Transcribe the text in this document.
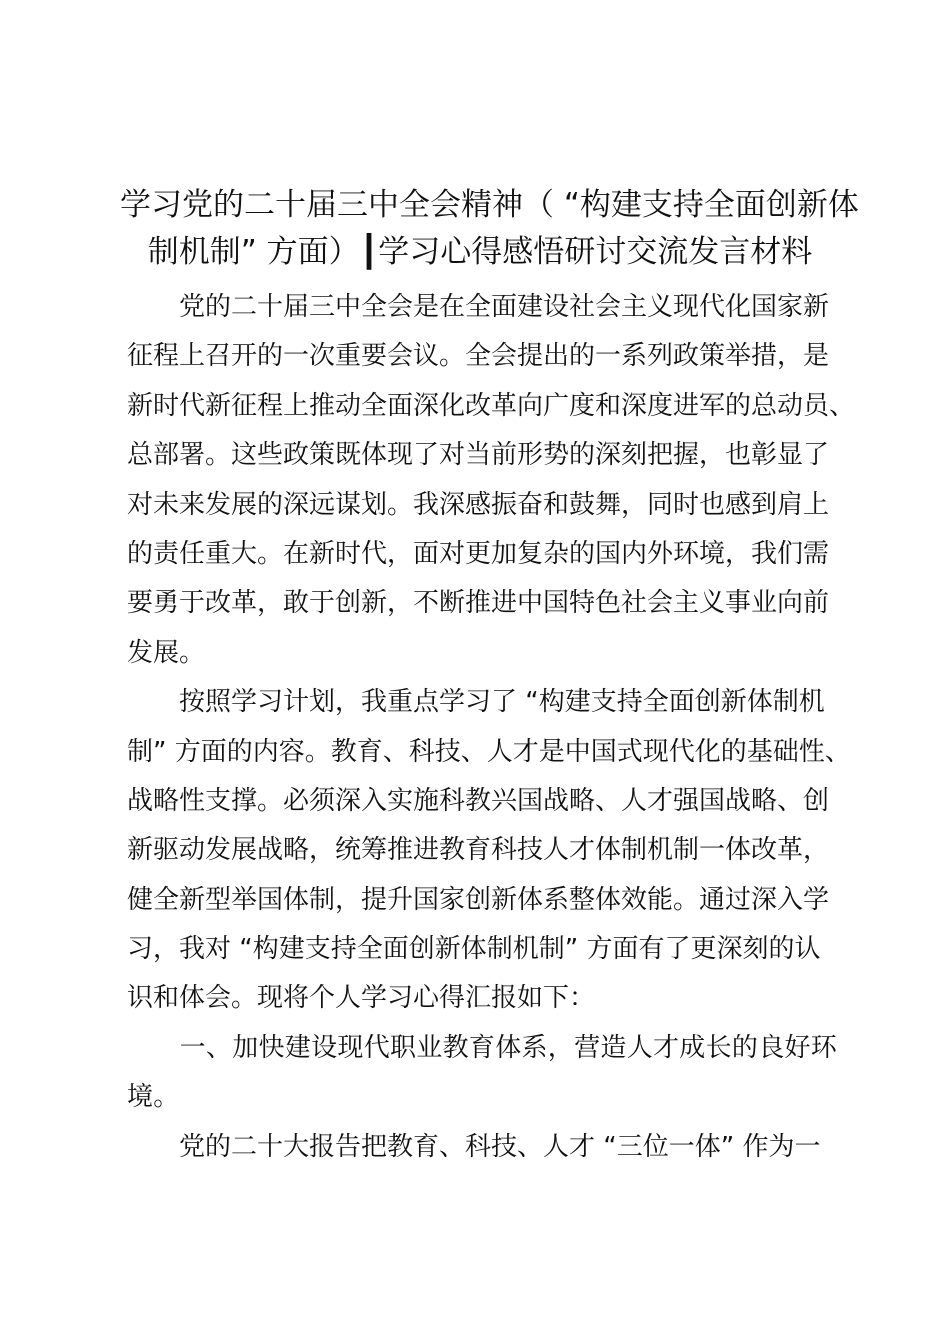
学习党的二十届三中全会精神（ “构建支持全面创新体
制机制” 方面）┃学习心得感悟研讨交流发言材料
　　党的二十届三中全会是在全面建设社会主义现代化国家新
征程上召开的一次重要会议。全会提出的一系列政策举措，是
新时代新征程上推动全面深化改革向广度和深度进军的总动员、
总部署。这些政策既体现了对当前形势的深刻把握，也彰显了
对未来发展的深远谋划。我深感振奋和鼓舞，同时也感到肩上
的责任重大。在新时代，面对更加复杂的国内外环境，我们需
要勇于改革，敢于创新，不断推进中国特色社会主义事业向前
发展。
　　按照学习计划，我重点学习了 “构建支持全面创新体制机
制” 方面的内容。教育、科技、人才是中国式现代化的基础性、
战略性支撑。必须深入实施科教兴国战略、人才强国战略、创
新驱动发展战略，统筹推进教育科技人才体制机制一体改革，
健全新型举国体制，提升国家创新体系整体效能。通过深入学
习，我对 “构建支持全面创新体制机制” 方面有了更深刻的认
识和体会。现将个人学习心得汇报如下：
　　一、加快建设现代职业教育体系，营造人才成长的良好环
境。
　　党的二十大报告把教育、科技、人才 “三位一体” 作为一
